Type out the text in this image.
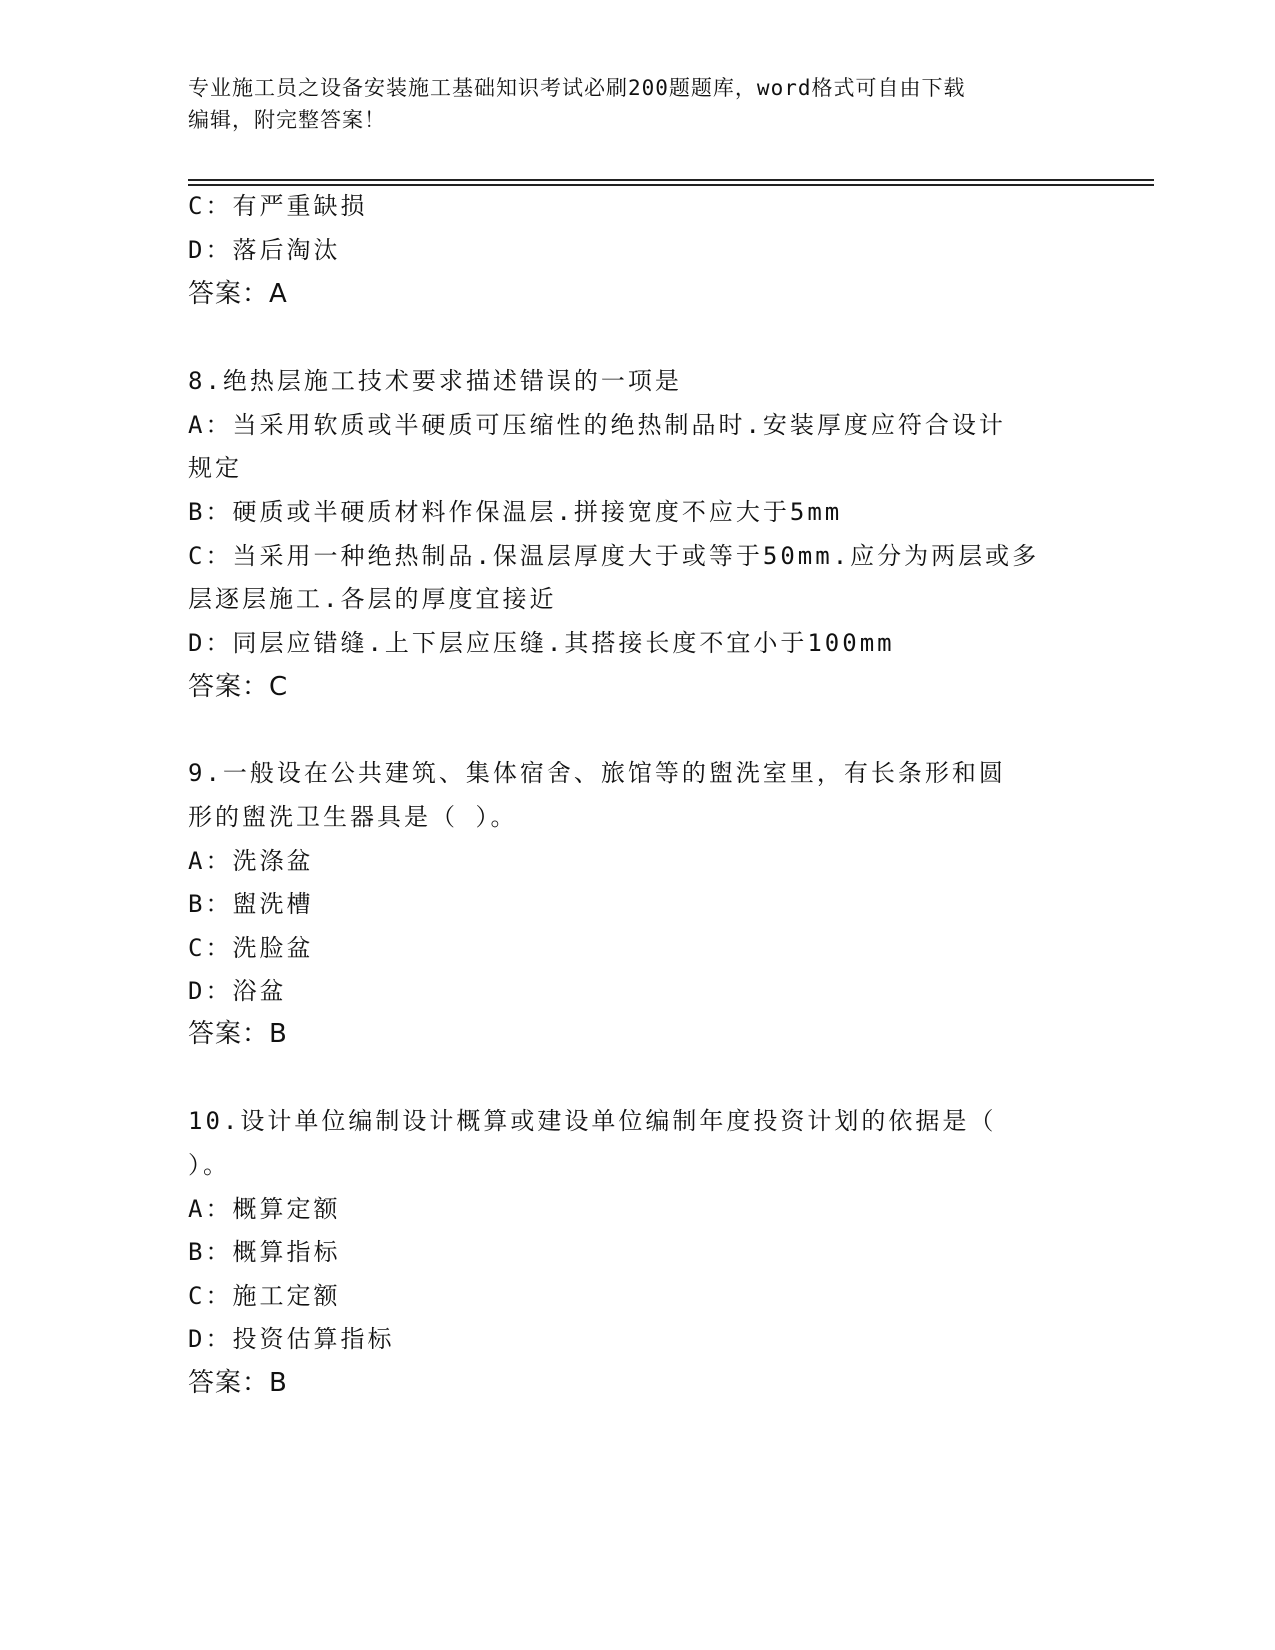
专业施工员之设备安装施工基础知识考试必刷200题题库，word格式可自由下载
编辑，附完整答案！
C：有严重缺损
D：落后淘汰
答案：A
8.绝热层施工技术要求描述错误的一项是
A：当采用软质或半硬质可压缩性的绝热制品时.安装厚度应符合设计
规定
B：硬质或半硬质材料作保温层.拼接宽度不应大于5mm
C：当采用一种绝热制品.保温层厚度大于或等于50mm.应分为两层或多
层逐层施工.各层的厚度宜接近
D：同层应错缝.上下层应压缝.其搭接长度不宜小于100mm
答案：C
9.一般设在公共建筑、集体宿舍、旅馆等的盥洗室里，有长条形和圆
形的盥洗卫生器具是（ ）。
A：洗涤盆
B：盥洗槽
C：洗脸盆
D：浴盆
答案：B
10.设计单位编制设计概算或建设单位编制年度投资计划的依据是（
）。
A：概算定额
B：概算指标
C：施工定额
D：投资估算指标
答案：B
